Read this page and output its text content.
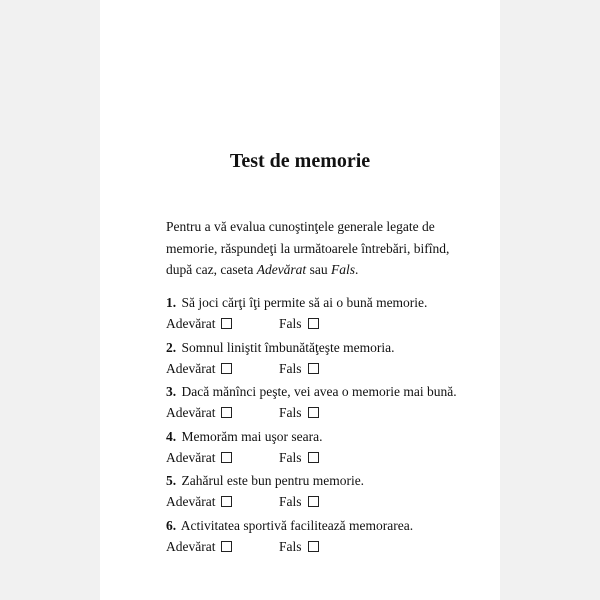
Test de memorie
Pentru a vă evalua cunoştinţele generale legate de
memorie, răspundeţi la următoarele întrebări, bifînd,
după caz, caseta Adevărat sau Fals.
1. Să joci cărţi îţi permite să ai o bună memorie.
Adevărat	Fals
2. Somnul liniştit îmbunătăţeşte memoria.
Adevărat	Fals
3. Dacă mănînci peşte, vei avea o memorie mai bună.
Adevărat	Fals
4. Memorăm mai uşor seara.
Adevărat	Fals
5. Zahărul este bun pentru memorie.
Adevărat	Fals
6. Activitatea sportivă facilitează memorarea.
Adevărat	Fals
